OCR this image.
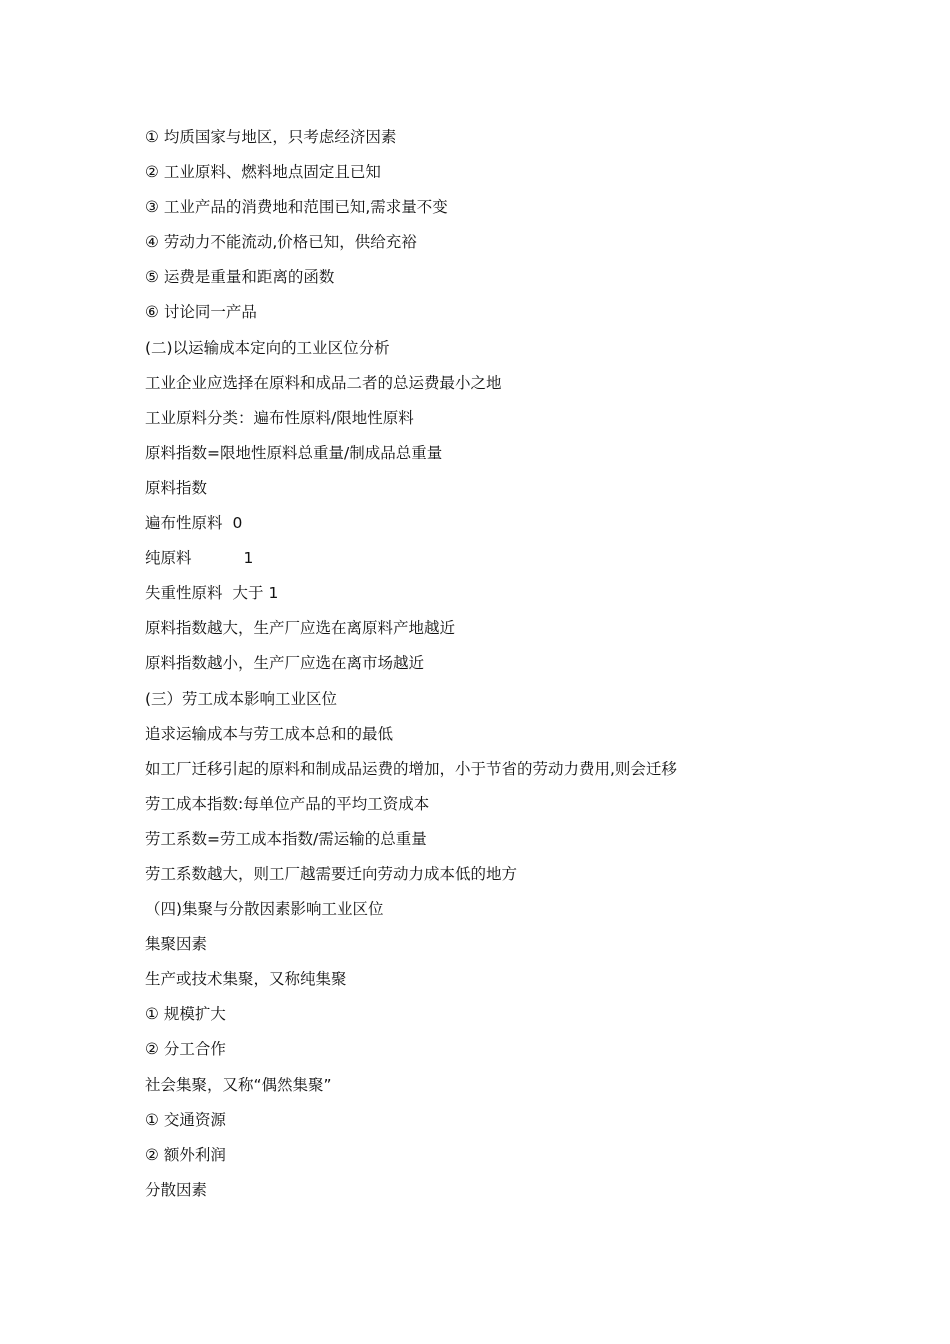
① 均质国家与地区，只考虑经济因素
② 工业原料、燃料地点固定且已知
③ 工业产品的消费地和范围已知,需求量不变
④ 劳动力不能流动,价格已知，供给充裕
⑤ 运费是重量和距离的函数
⑥ 讨论同一产品
(二)以运输成本定向的工业区位分析
工业企业应选择在原料和成品二者的总运费最小之地
工业原料分类：遍布性原料/限地性原料
原料指数=限地性原料总重量/制成品总重量
原料指数
遍布性原料 0
纯原料	1
失重性原料 大于 1
原料指数越大，生产厂应选在离原料产地越近
原料指数越小，生产厂应选在离市场越近
(三）劳工成本影响工业区位
追求运输成本与劳工成本总和的最低
如工厂迁移引起的原料和制成品运费的增加，小于节省的劳动力费用,则会迁移
劳工成本指数:每单位产品的平均工资成本
劳工系数=劳工成本指数/需运输的总重量
劳工系数越大，则工厂越需要迁向劳动力成本低的地方
（四)集聚与分散因素影响工业区位
集聚因素
生产或技术集聚，又称纯集聚
① 规模扩大
② 分工合作
社会集聚，又称“偶然集聚”
① 交通资源
② 额外利润
分散因素
